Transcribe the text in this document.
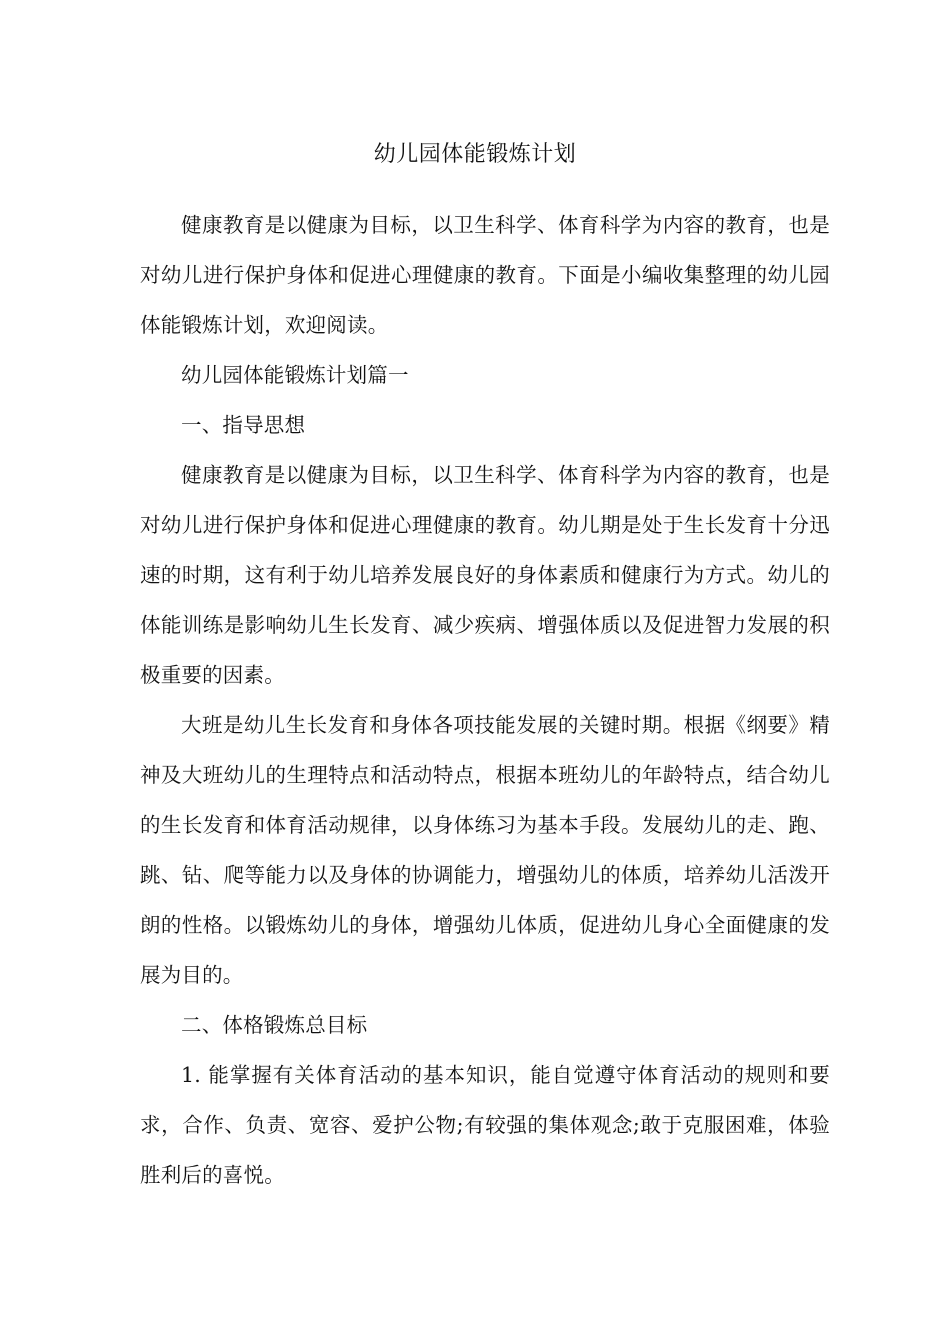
幼儿园体能锻炼计划

健康教育是以健康为目标，以卫生科学、体育科学为内容的教育，也是对幼儿进行保护身体和促进心理健康的教育。下面是小编收集整理的幼儿园体能锻炼计划，欢迎阅读。

幼儿园体能锻炼计划篇一

一、指导思想

健康教育是以健康为目标，以卫生科学、体育科学为内容的教育，也是对幼儿进行保护身体和促进心理健康的教育。幼儿期是处于生长发育十分迅速的时期，这有利于幼儿培养发展良好的身体素质和健康行为方式。幼儿的体能训练是影响幼儿生长发育、减少疾病、增强体质以及促进智力发展的积极重要的因素。

大班是幼儿生长发育和身体各项技能发展的关键时期。根据《纲要》精神及大班幼儿的生理特点和活动特点，根据本班幼儿的年龄特点，结合幼儿的生长发育和体育活动规律，以身体练习为基本手段。发展幼儿的走、跑、跳、钻、爬等能力以及身体的协调能力，增强幼儿的体质，培养幼儿活泼开朗的性格。以锻炼幼儿的身体，增强幼儿体质，促进幼儿身心全面健康的发展为目的。

二、体格锻炼总目标

1. 能掌握有关体育活动的基本知识，能自觉遵守体育活动的规则和要求，合作、负责、宽容、爱护公物;有较强的集体观念;敢于克服困难，体验胜利后的喜悦。
